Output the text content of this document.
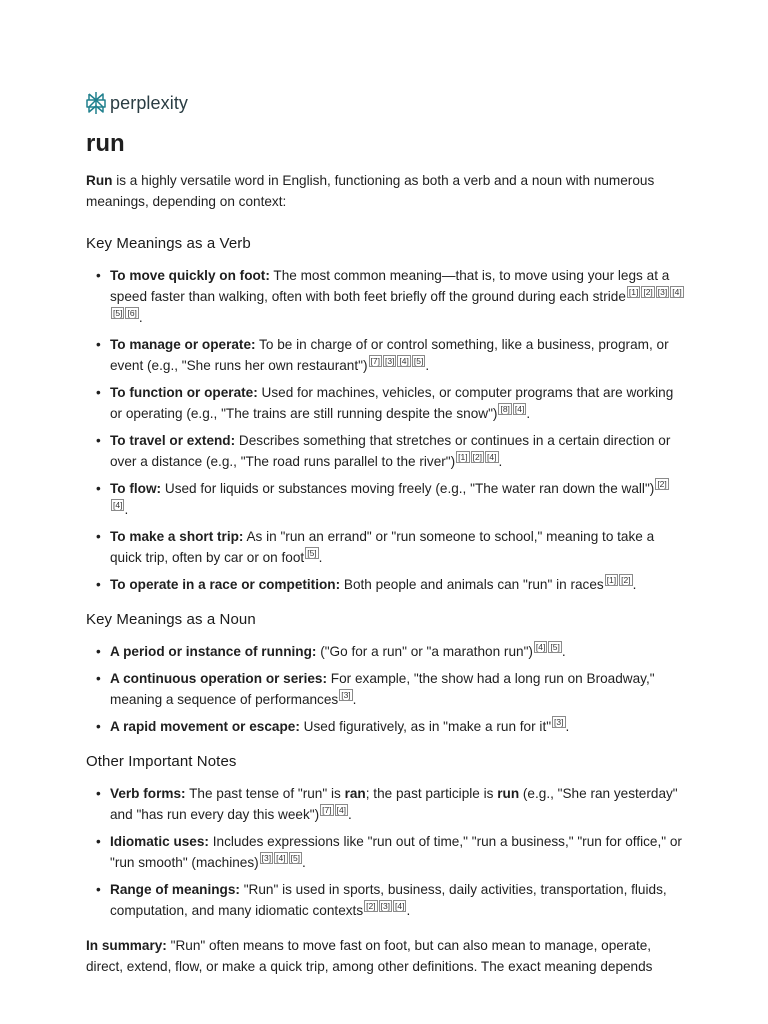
perplexity
run

Run is a highly versatile word in English, functioning as both a verb and a noun with numerous meanings, depending on context:

Key Meanings as a Verb
• To move quickly on foot: The most common meaning—that is, to move using your legs at a speed faster than walking, often with both feet briefly off the ground during each stride [1] [2] [3] [4][5] [6] .
• To manage or operate: To be in charge of or control something, like a business, program, or event (e.g., "She runs her own restaurant") [7] [3] [4] [5] .
• To function or operate: Used for machines, vehicles, or computer programs that are working or operating (e.g., "The trains are still running despite the snow") [8] [4] .
• To travel or extend: Describes something that stretches or continues in a certain direction or over a distance (e.g., "The road runs parallel to the river") [1] [2] [4] .
• To flow: Used for liquids or substances moving freely (e.g., "The water ran down the wall") [2][4] .
• To make a short trip: As in "run an errand" or "run someone to school," meaning to take a quick trip, often by car or on foot [5] .
• To operate in a race or competition: Both people and animals can "run" in races [1] [2] .
Key Meanings as a Noun
• A period or instance of running: ("Go for a run" or "a marathon run") [4] [5] .
• A continuous operation or series: For example, "the show had a long run on Broadway," meaning a sequence of performances [3] .
• A rapid movement or escape: Used figuratively, as in "make a run for it" [3] .
Other Important Notes
• Verb forms: The past tense of "run" is ran; the past participle is run (e.g., "She ran yesterday" and "has run every day this week") [7] [4] .
• Idiomatic uses: Includes expressions like "run out of time," "run a business," "run for office," or "run smooth" (machines) [3] [4] [5] .
• Range of meanings: "Run" is used in sports, business, daily activities, transportation, fluids, computation, and many idiomatic contexts [2] [3] [4] .

In summary: "Run" often means to move fast on foot, but can also mean to manage, operate, direct, extend, flow, or make a quick trip, among other definitions. The exact meaning depends
